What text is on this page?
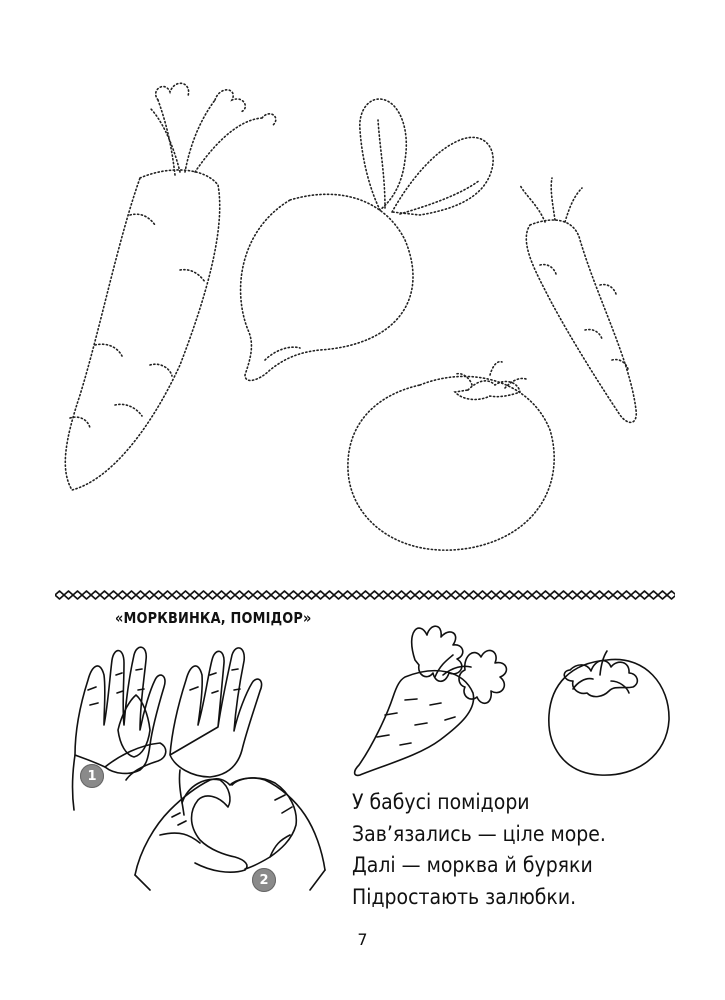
«МОРКВИНКА, ПОМІДОР»
1
2
У бабусі помідори
Зав’язались — ціле море.
Далі — морква й буряки
Підростають залюбки.
7
